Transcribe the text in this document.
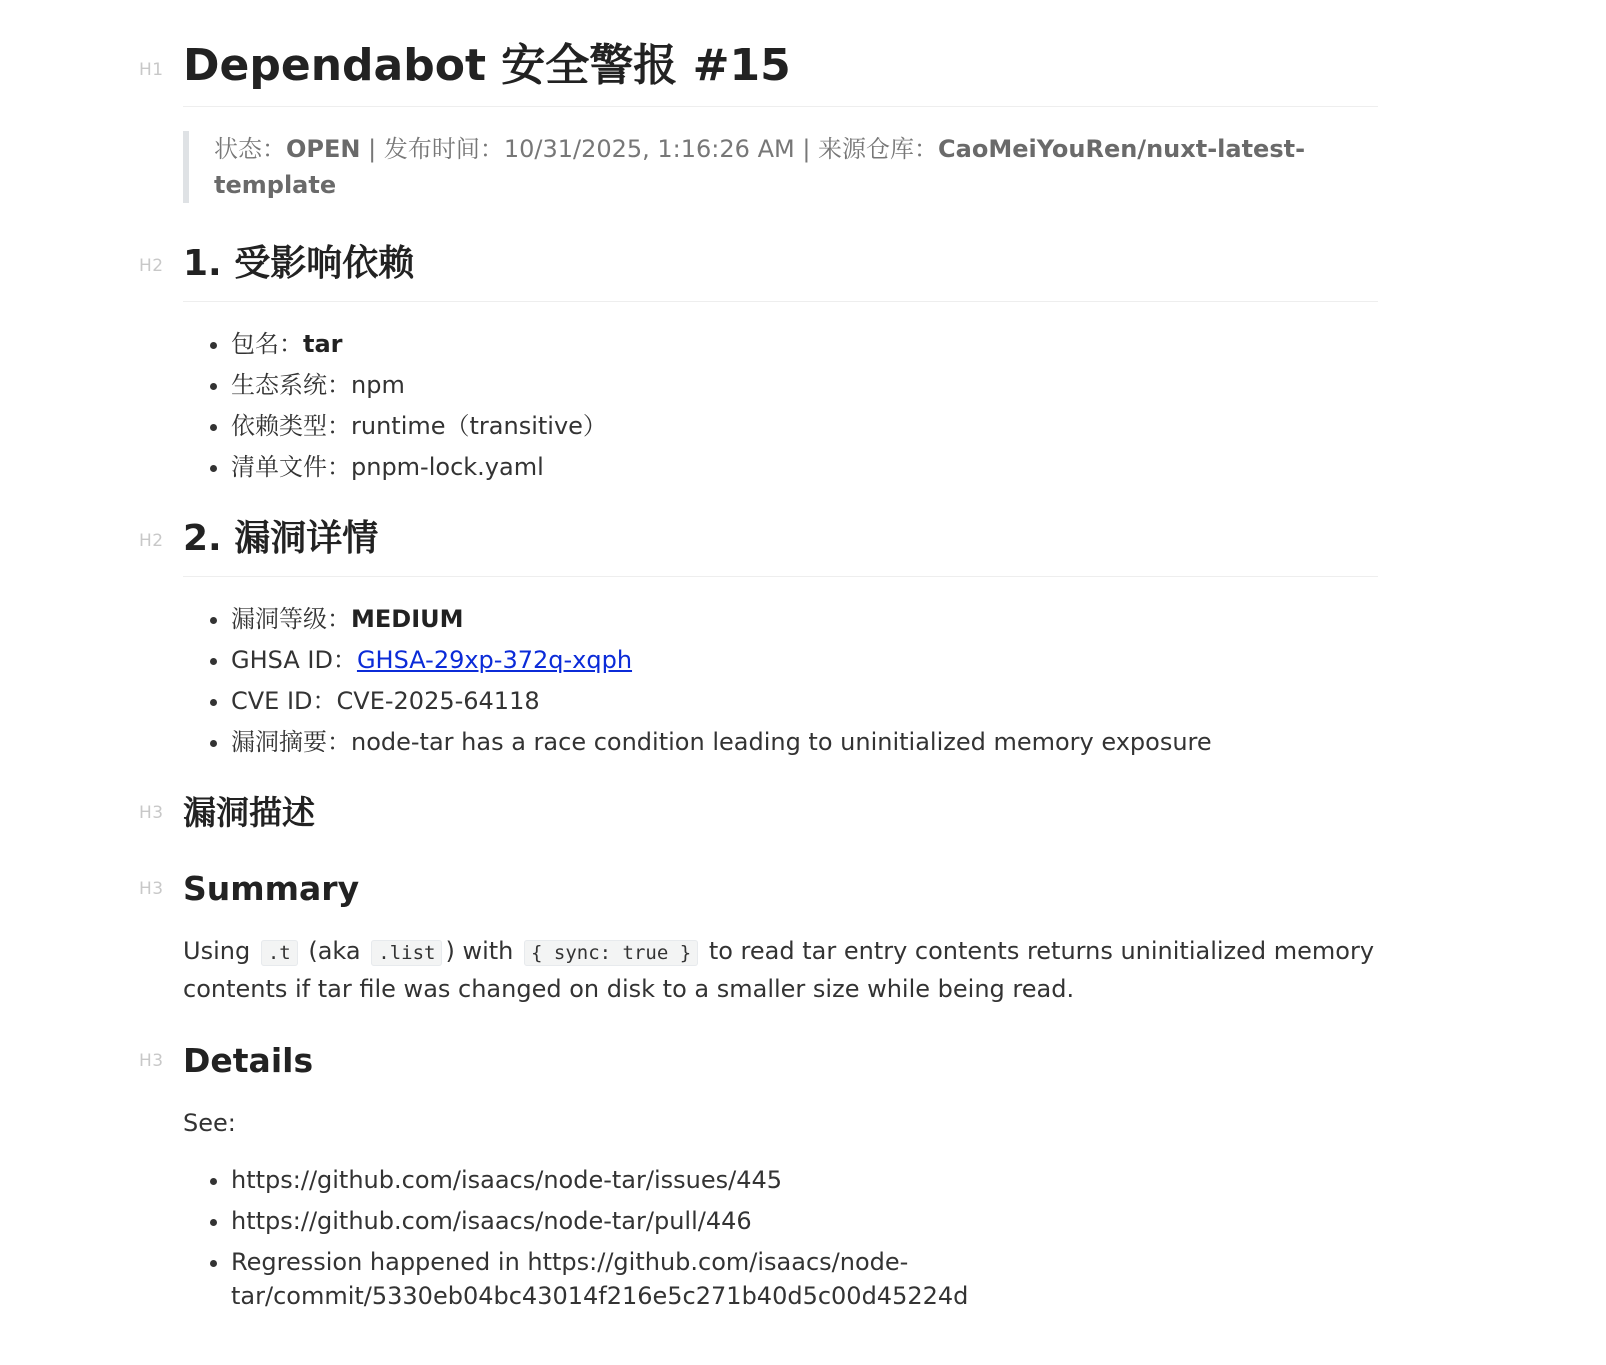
H1 Dependabot 安全警报 #15
状态：OPEN | 发布时间：10/31/2025, 1:16:26 AM | 来源仓库：CaoMeiYouRen/nuxt-latest-template
H2 1. 受影响依赖
• 包名：tar
• 生态系统：npm
• 依赖类型：runtime（transitive）
• 清单文件：pnpm-lock.yaml
H2 2. 漏洞详情
• 漏洞等级：MEDIUM
• GHSA ID：GHSA-29xp-372q-xqph
• CVE ID：CVE-2025-64118
• 漏洞摘要：node-tar has a race condition leading to uninitialized memory exposure
H3 漏洞描述
H3 Summary

Using .t (aka .list ) with { sync: true } to read tar entry contents returns uninitialized memory contents if tar file was changed on disk to a smaller size while being read.

H3 Details

See:

• https://github.com/isaacs/node-tar/issues/445
• https://github.com/isaacs/node-tar/pull/446
• Regression happened in https://github.com/isaacs/node-tar/commit/5330eb04bc43014f216e5c271b40d5c00d45224d
